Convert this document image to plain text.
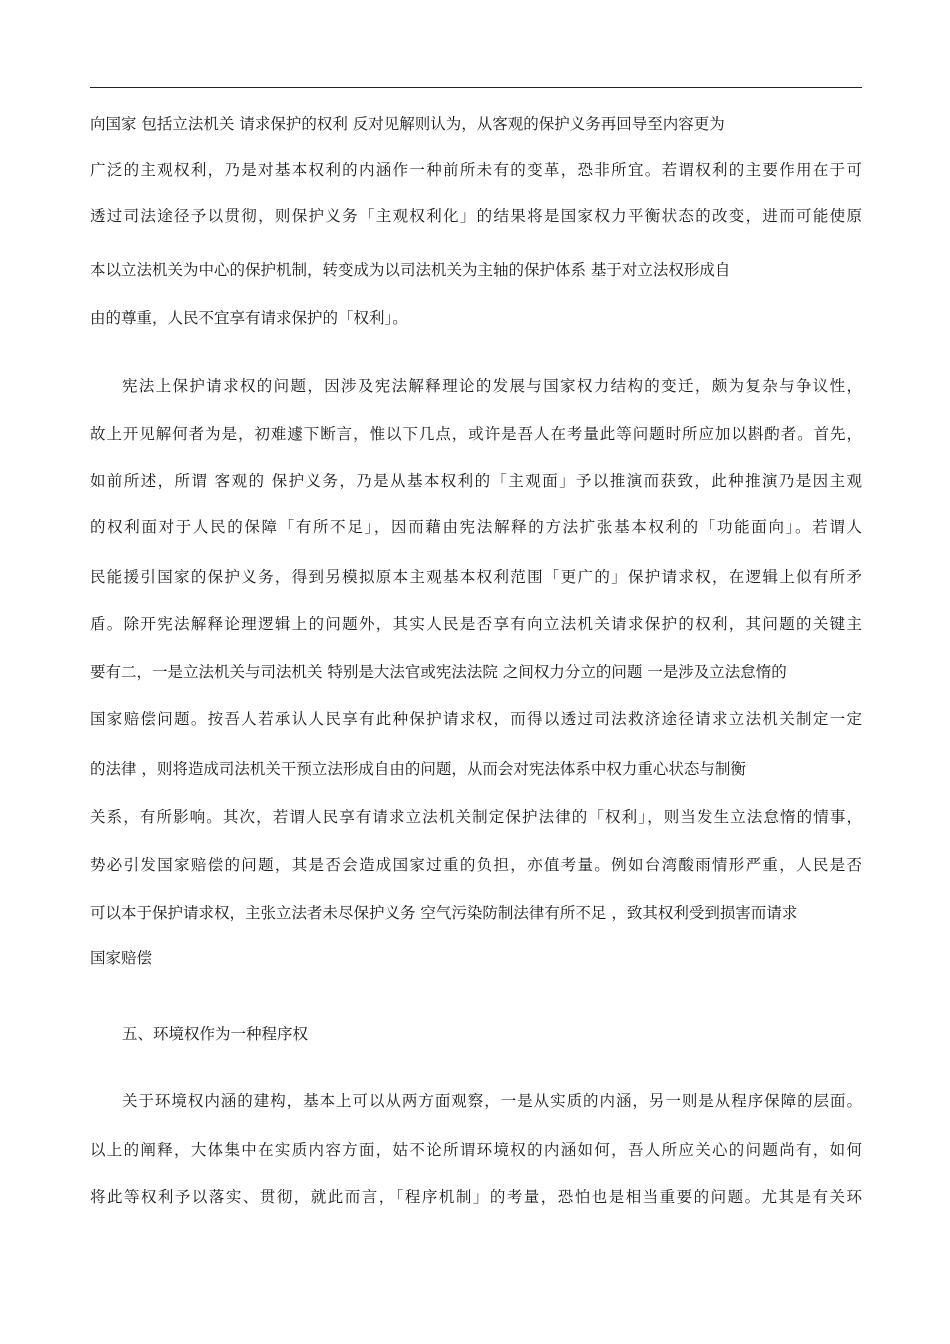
向国家 包括立法机关 请求保护的权利 反对见解则认为，从客观的保护义务再回导至内容更为
广泛的主观权利，乃是对基本权利的内涵作一种前所未有的变革，恐非所宜。若谓权利的主要作用在于可
透过司法途径予以贯彻，则保护义务「主观权利化」的结果将是国家权力平衡状态的改变，进而可能使原
本以立法机关为中心的保护机制，转变成为以司法机关为主轴的保护体系 基于对立法权形成自
由的尊重，人民不宜享有请求保护的「权利」。
宪法上保护请求权的问题，因涉及宪法解释理论的发展与国家权力结构的变迁，颇为复杂与争议性，
故上开见解何者为是，初难遽下断言，惟以下几点，或许是吾人在考量此等问题时所应加以斟酌者。首先，
如前所述，所谓 客观的 保护义务，乃是从基本权利的「主观面」予以推演而获致，此种推演乃是因主观
的权利面对于人民的保障「有所不足」，因而藉由宪法解释的方法扩张基本权利的「功能面向」。若谓人
民能援引国家的保护义务，得到另模拟原本主观基本权利范围「更广的」保护请求权，在逻辑上似有所矛
盾。除开宪法解释论理逻辑上的问题外，其实人民是否享有向立法机关请求保护的权利，其问题的关键主
要有二，一是立法机关与司法机关 特别是大法官或宪法法院 之间权力分立的问题 一是涉及立法怠惰的
国家赔偿问题。按吾人若承认人民享有此种保护请求权，而得以透过司法救济途径请求立法机关制定一定
的法律 ，则将造成司法机关干预立法形成自由的问题，从而会对宪法体系中权力重心状态与制衡
关系，有所影响。其次，若谓人民享有请求立法机关制定保护法律的「权利」，则当发生立法怠惰的情事，
势必引发国家赔偿的问题，其是否会造成国家过重的负担，亦值考量。例如台湾酸雨情形严重，人民是否
可以本于保护请求权，主张立法者未尽保护义务 空气污染防制法律有所不足 ，致其权利受到损害而请求
国家赔偿
五、环境权作为一种程序权
关于环境权内涵的建构，基本上可以从两方面观察，一是从实质的内涵，另一则是从程序保障的层面。
以上的阐释，大体集中在实质内容方面，姑不论所谓环境权的内涵如何，吾人所应关心的问题尚有，如何
将此等权利予以落实、贯彻，就此而言，「程序机制」的考量，恐怕也是相当重要的问题。尤其是有关环
